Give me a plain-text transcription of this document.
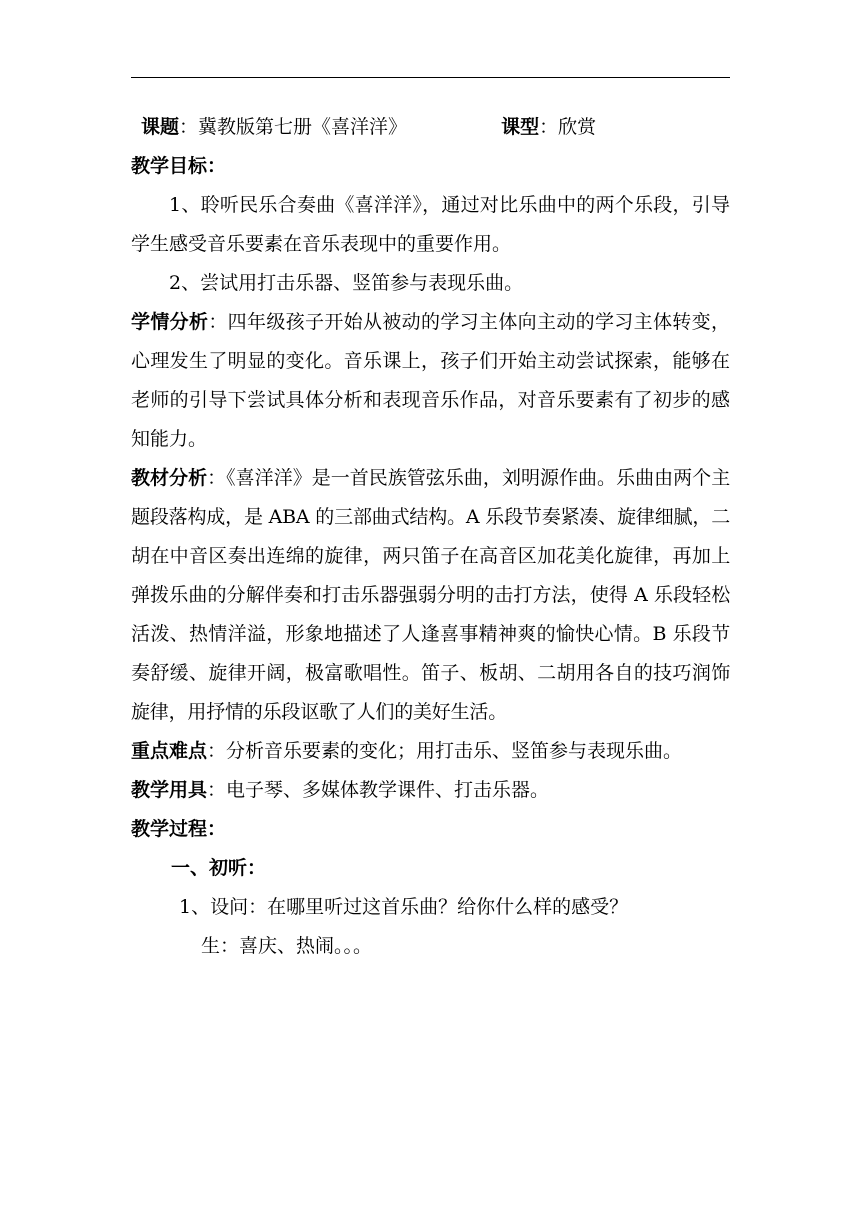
课题：冀教版第七册《喜洋洋》	课型：欣赏
教学目标：
1、聆听民乐合奏曲《喜洋洋》，通过对比乐曲中的两个乐段，引导学生感受音乐要素在音乐表现中的重要作用。
2、尝试用打击乐器、竖笛参与表现乐曲。
学情分析：四年级孩子开始从被动的学习主体向主动的学习主体转变，心理发生了明显的变化。音乐课上，孩子们开始主动尝试探索，能够在老师的引导下尝试具体分析和表现音乐作品，对音乐要素有了初步的感知能力。
教材分析：《喜洋洋》是一首民族管弦乐曲，刘明源作曲。乐曲由两个主题段落构成，是 ABA 的三部曲式结构。A 乐段节奏紧凑、旋律细腻，二胡在中音区奏出连绵的旋律，两只笛子在高音区加花美化旋律，再加上弹拨乐曲的分解伴奏和打击乐器强弱分明的击打方法，使得 A 乐段轻松活泼、热情洋溢，形象地描述了人逢喜事精神爽的愉快心情。B 乐段节奏舒缓、旋律开阔，极富歌唱性。笛子、板胡、二胡用各自的技巧润饰旋律，用抒情的乐段讴歌了人们的美好生活。
重点难点：分析音乐要素的变化；用打击乐、竖笛参与表现乐曲。
教学用具：电子琴、多媒体教学课件、打击乐器。
教学过程：
一、初听：
1、设问：在哪里听过这首乐曲？给你什么样的感受？
生：喜庆、热闹。。。
